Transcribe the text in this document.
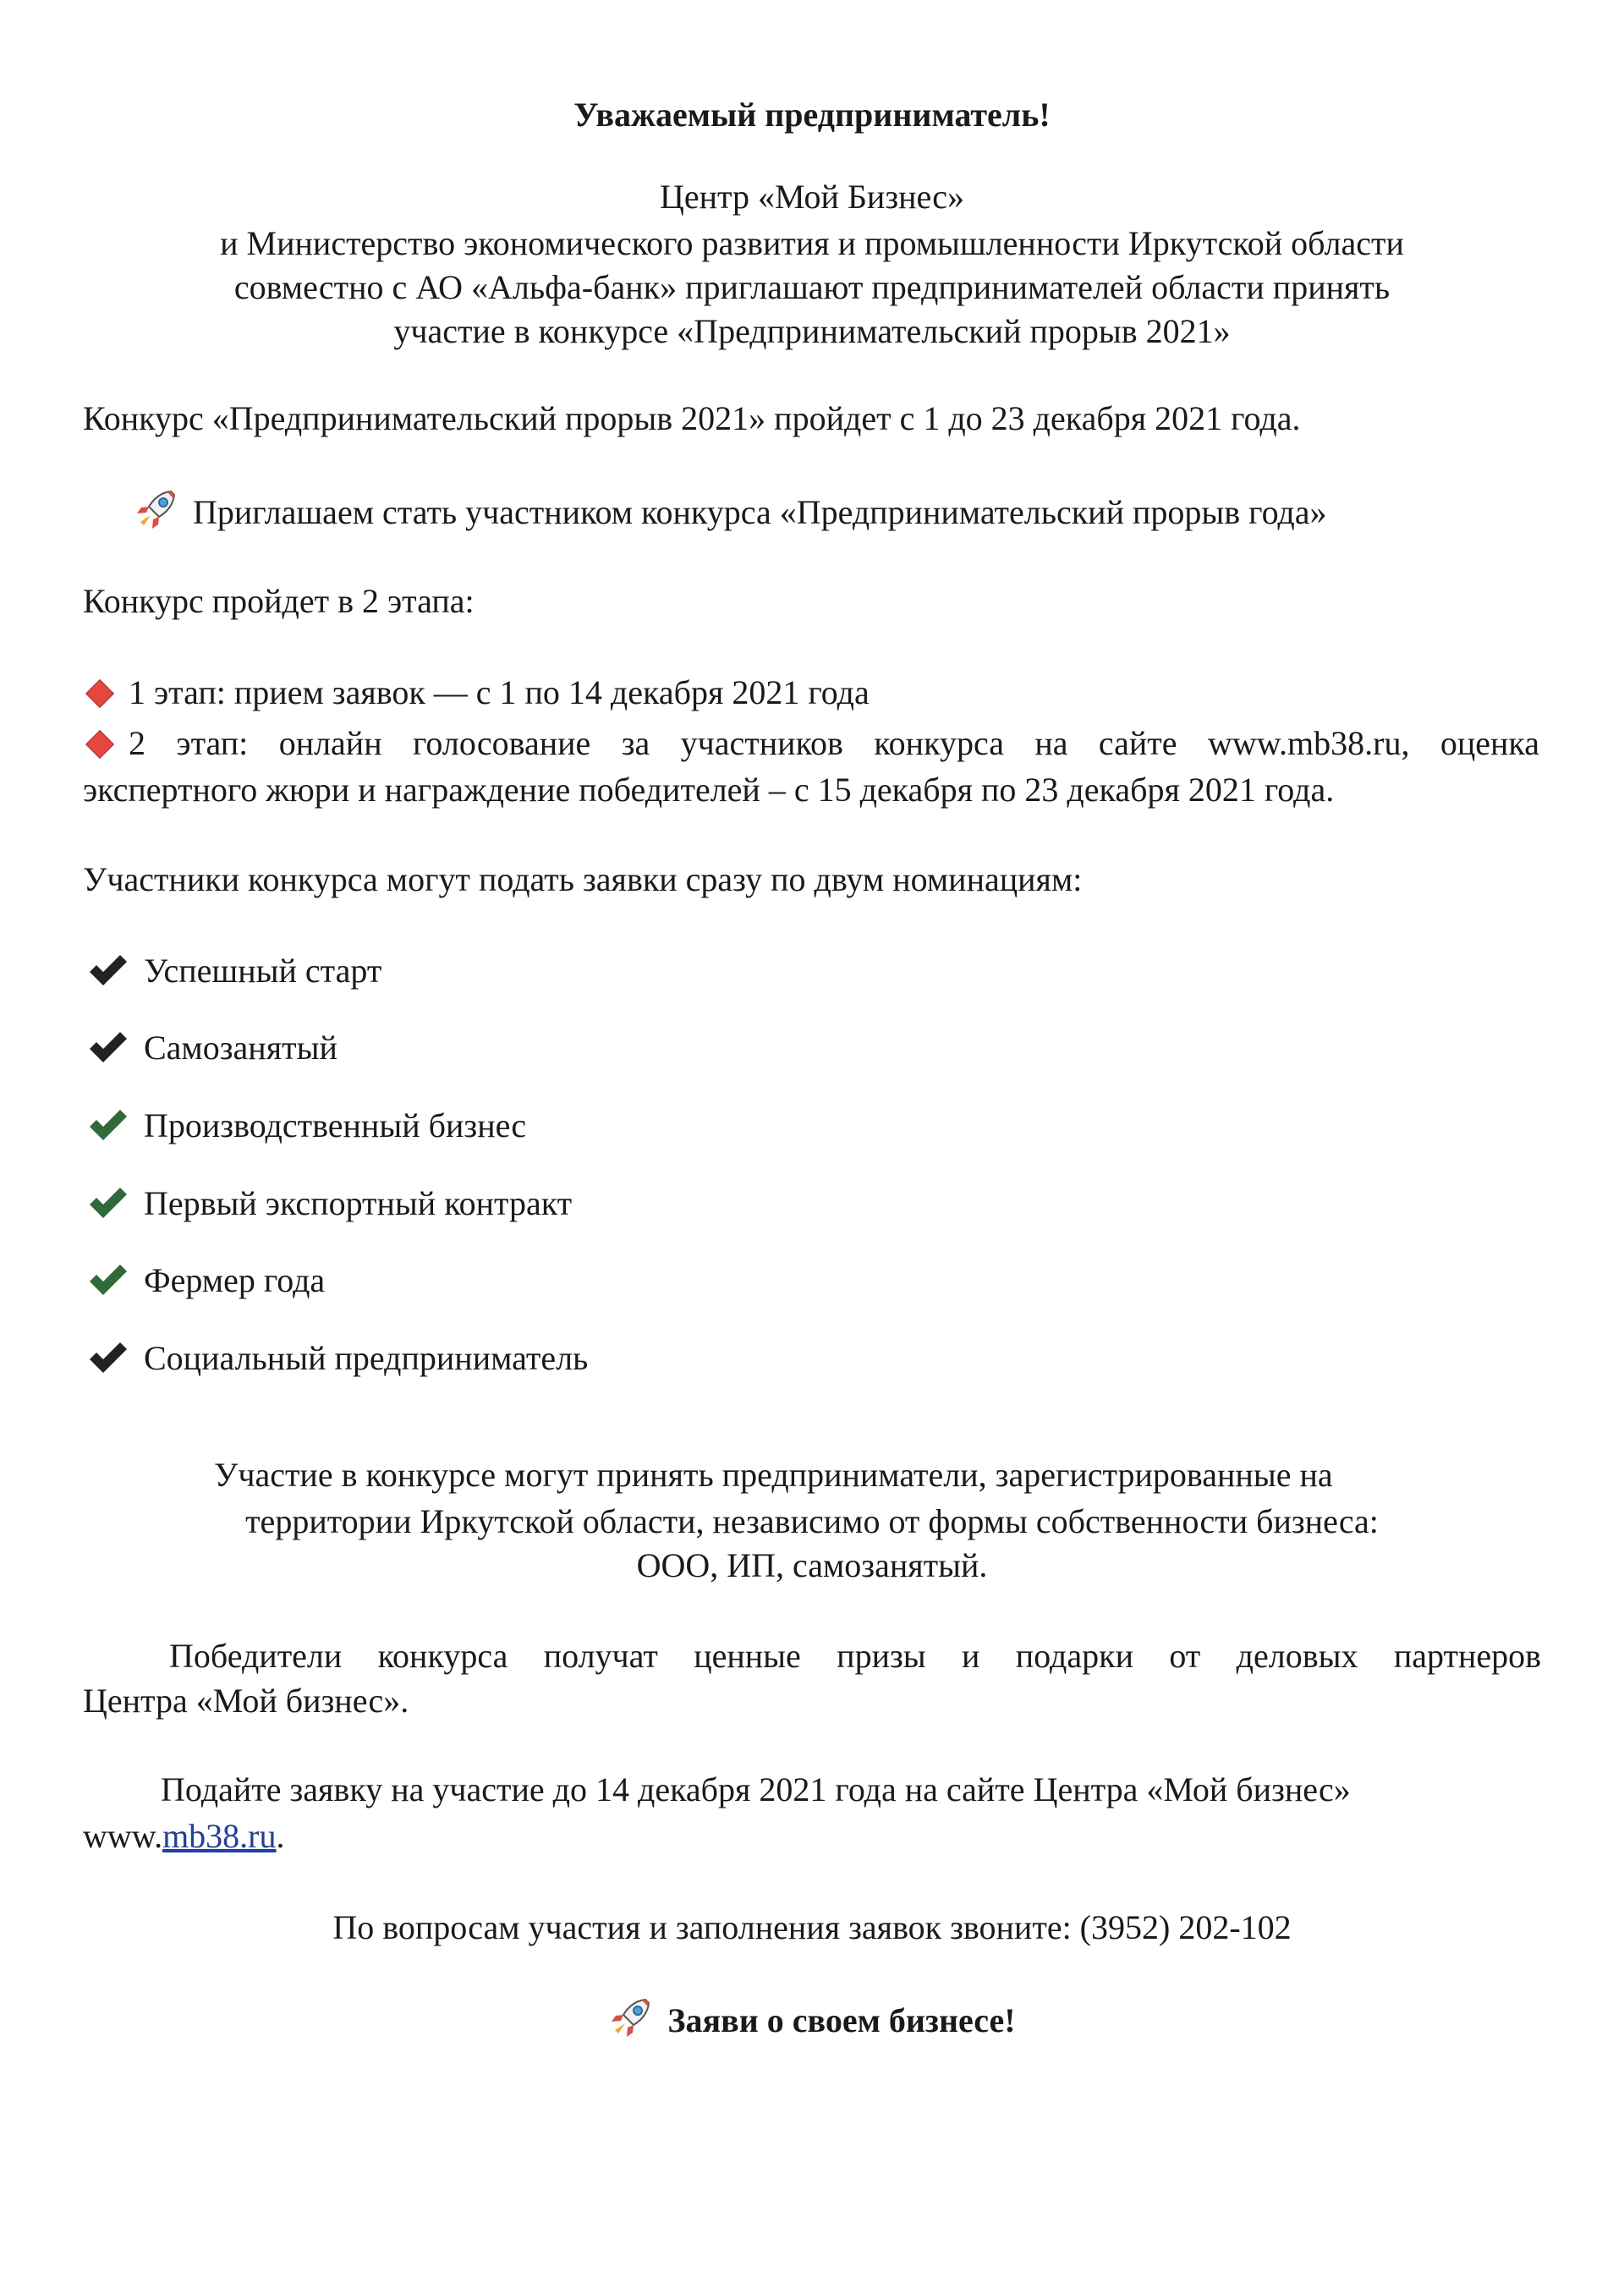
Уважаемый предприниматель!
Центр «Мой Бизнес»
и Министерство экономического развития и промышленности Иркутской области
совместно с АО «Альфа-банк» приглашают предпринимателей области принять
участие в конкурсе «Предпринимательский прорыв 2021»
Конкурс «Предпринимательский прорыв 2021» пройдет с 1 до 23 декабря 2021 года.
Приглашаем стать участником конкурса «Предпринимательский прорыв года»
Конкурс пройдет в 2 этапа:
1 этап: прием заявок — с 1 по 14 декабря 2021 года
2 этап: онлайн голосование за участников конкурса на сайте www.mb38.ru, оценка
экспертного жюри и награждение победителей – с 15 декабря по 23 декабря 2021 года.
Участники конкурса могут подать заявки сразу по двум номинациям:
Успешный старт
Самозанятый
Производственный бизнес
Первый экспортный контракт
Фермер года
Социальный предприниматель
Участие в конкурсе могут принять предприниматели, зарегистрированные на
территории Иркутской области, независимо от формы собственности бизнеса:
ООО, ИП, самозанятый.
Победители конкурса получат ценные призы и подарки от деловых партнеров
Центра «Мой бизнес».
Подайте заявку на участие до 14 декабря 2021 года на сайте Центра «Мой бизнес»
www.mb38.ru.
По вопросам участия и заполнения заявок звоните: (3952) 202-102
Заяви о своем бизнесе!
